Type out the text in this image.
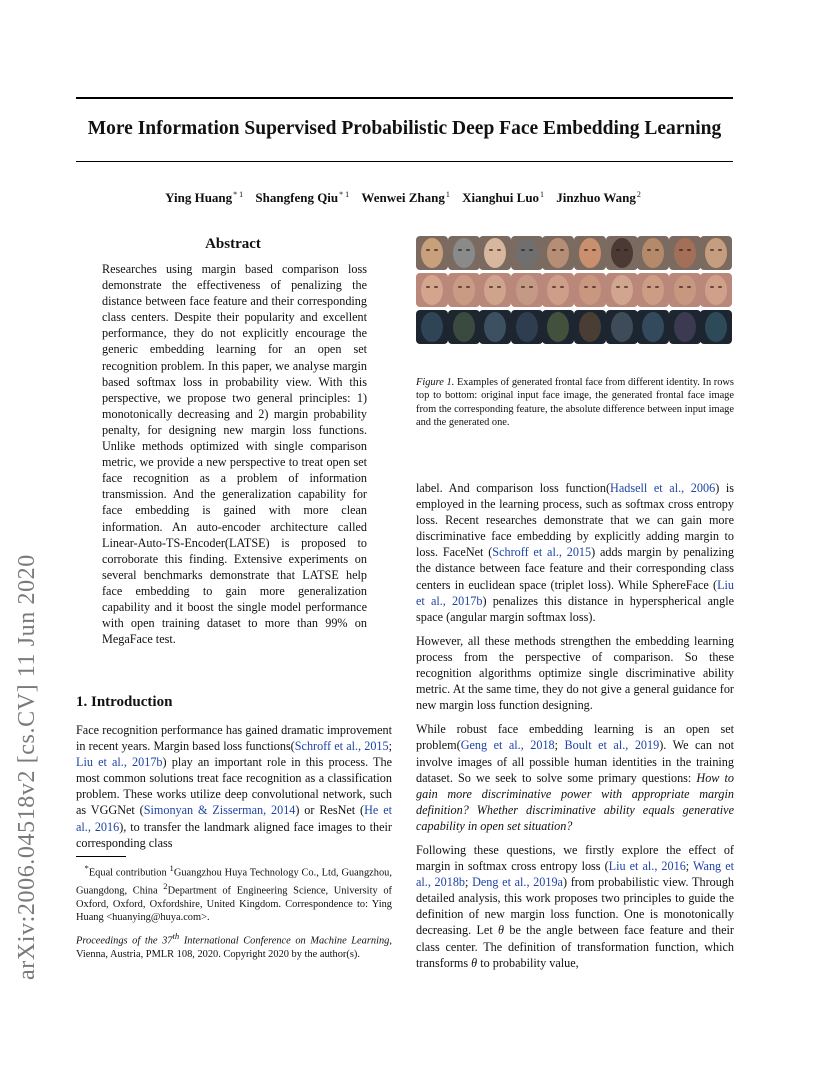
More Information Supervised Probabilistic Deep Face Embedding Learning
Ying Huang$^{* 1}$ Shangfeng Qiu$^{* 1}$ Wenwei Zhang$^1$ Xianghui Luo$^1$ Jinzhuo Wang$^2$
arXiv:2006.04518v2 [cs.CV] 11 Jun 2020
Abstract
Researches using margin based comparison loss demonstrate the effectiveness of penalizing the distance between face feature and their corresponding class centers. Despite their popularity and excellent performance, they do not explicitly encourage the generic embedding learning for an open set recognition problem. In this paper, we analyse margin based softmax loss in probability view. With this perspective, we propose two general principles: 1) monotonically decreasing and 2) margin probability penalty, for designing new margin loss functions. Unlike methods optimized with single comparison metric, we provide a new perspective to treat open set face recognition as a problem of information transmission. And the generalization capability for face embedding is gained with more clean information. An auto-encoder architecture called Linear-Auto-TS-Encoder(LATSE) is proposed to corroborate this finding. Extensive experiments on several benchmarks demonstrate that LATSE help face embedding to gain more generalization capability and it boost the single model performance with open training dataset to more than 99% on MegaFace test.
1. Introduction
Face recognition performance has gained dramatic improvement in recent years. Margin based loss functions(Schroff et al., 2015; Liu et al., 2017b) play an important role in this process. The most common solutions treat face recognition as a classification problem. These works utilize deep convolutional network, such as VGGNet (Simonyan & Zisserman, 2014) or ResNet (He et al., 2016), to transfer the landmark aligned face images to their corresponding class
*Equal contribution $^1$Guangzhou Huya Technology Co., Ltd, Guangzhou, Guangdong, China $^2$Department of Engineering Science, University of Oxford, Oxford, Oxfordshire, United Kingdom. Correspondence to: Ying Huang <huanying@huya.com>.
Proceedings of the 37th International Conference on Machine Learning, Vienna, Austria, PMLR 108, 2020. Copyright 2020 by the author(s).
Figure 1. Examples of generated frontal face from different identity. In rows top to bottom: original input face image, the generated frontal face image from the corresponding feature, the absolute difference between input image and the generated one.

label. And comparison loss function(Hadsell et al., 2006) is employed in the learning process, such as softmax cross entropy loss. Recent researches demonstrate that we can gain more discriminative face embedding by explicitly adding margin to loss. FaceNet (Schroff et al., 2015) adds margin by penalizing the distance between face feature and their corresponding class centers in euclidean space (triplet loss). While SphereFace (Liu et al., 2017b) penalizes this distance in hyperspherical angle space (angular margin softmax loss).

However, all these methods strengthen the embedding learning process from the perspective of comparison. So these recognition algorithms optimize single discriminative ability metric. At the same time, they do not give a general guidance for new margin loss function designing.

While robust face embedding learning is an open set problem(Geng et al., 2018; Boult et al., 2019). We can not involve images of all possible human identities in the training dataset. So we seek to solve some primary questions: How to gain more discriminative power with appropriate margin definition? Whether discriminative ability equals generative capability in open set situation?

Following these questions, we firstly explore the effect of margin in softmax cross entropy loss (Liu et al., 2016; Wang et al., 2018b; Deng et al., 2019a) from probabilistic view. Through detailed analysis, this work proposes two principles to guide the definition of new margin loss function. One is monotonically decreasing. Let θ be the angle between face feature and their class center. The definition of transformation function, which transforms θ to probability value,
